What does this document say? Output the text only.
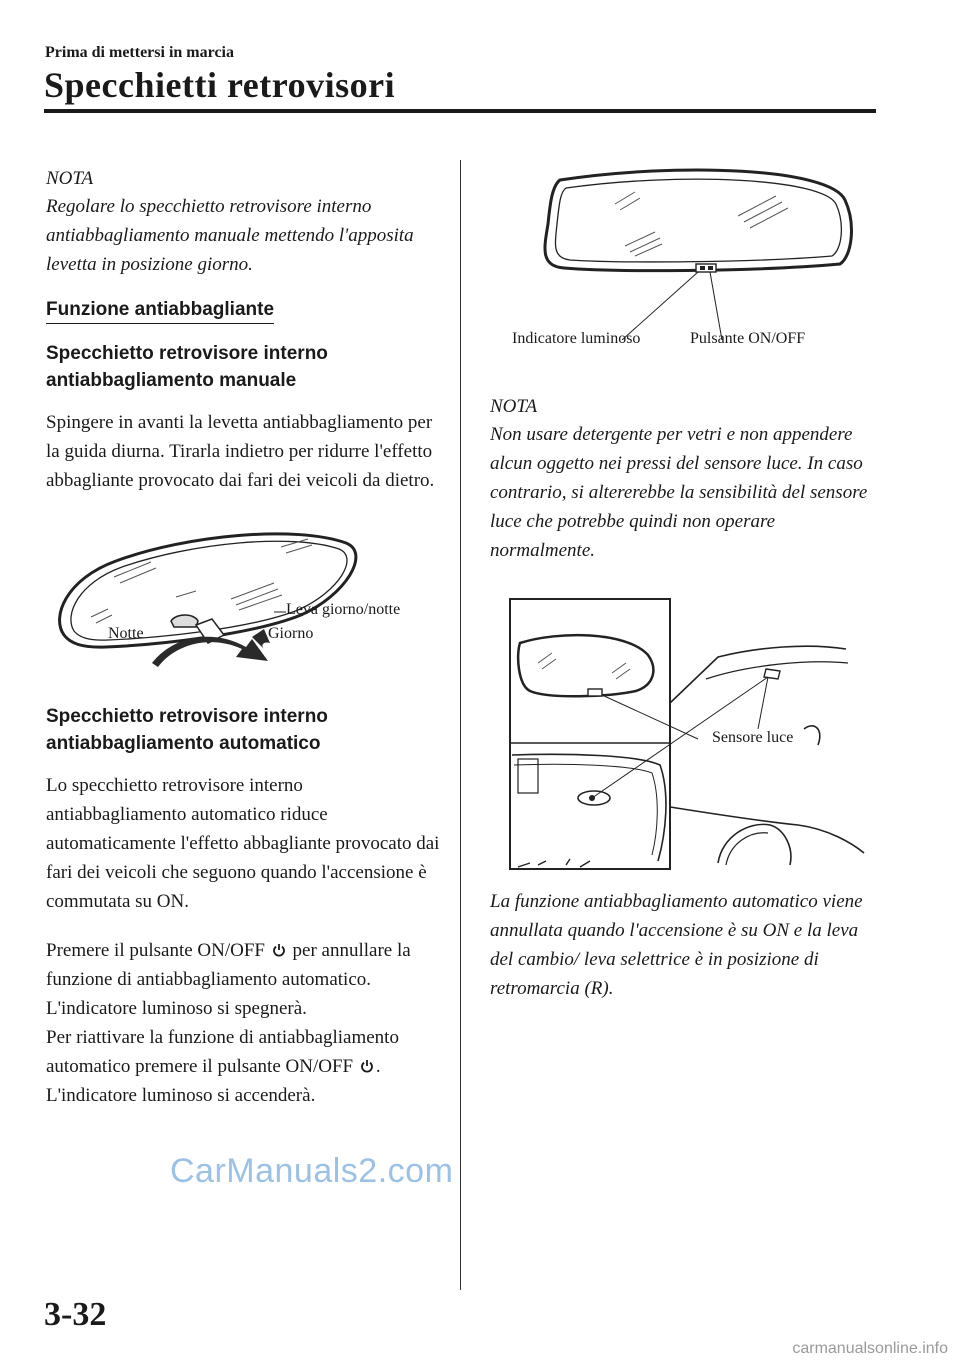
Prima di mettersi in marcia
Specchietti retrovisori
NOTA

Regolare lo specchietto retrovisore interno antiabbagliamento manuale mettendo l'apposita levetta in posizione giorno.

Funzione antiabbagliante
Specchietto retrovisore interno antiabbagliamento manuale

Spingere in avanti la levetta antiabbagliamento per la guida diurna. Tirarla indietro per ridurre l'effetto abbagliante provocato dai fari dei veicoli da dietro.

Leva giorno/notte
Notte	Giorno
Specchietto retrovisore interno antiabbagliamento automatico

Lo specchietto retrovisore interno antiabbagliamento automatico riduce automaticamente l'effetto abbagliante provocato dai fari dei veicoli che seguono quando l'accensione è commutata su ON.

Premere il pulsante ON/OFF per annullare la funzione di antiabbagliamento automatico. L'indicatore luminoso si spegnerà.
Per riattivare la funzione di antiabbagliamento automatico premere il pulsante ON/OFF . L'indicatore luminoso si accenderà.

Indicatore luminoso	Pulsante ON/OFF
NOTA

Non usare detergente per vetri e non appendere alcun oggetto nei pressi del sensore luce. In caso contrario, si altererebbe la sensibilità del sensore luce che potrebbe quindi non operare normalmente.

Sensore luce

La funzione antiabbagliamento automatico viene annullata quando l'accensione è su ON e la leva del cambio/ leva selettrice è in posizione di retromarcia (R).

CarManuals2.com
3-32
carmanualsonline.info
